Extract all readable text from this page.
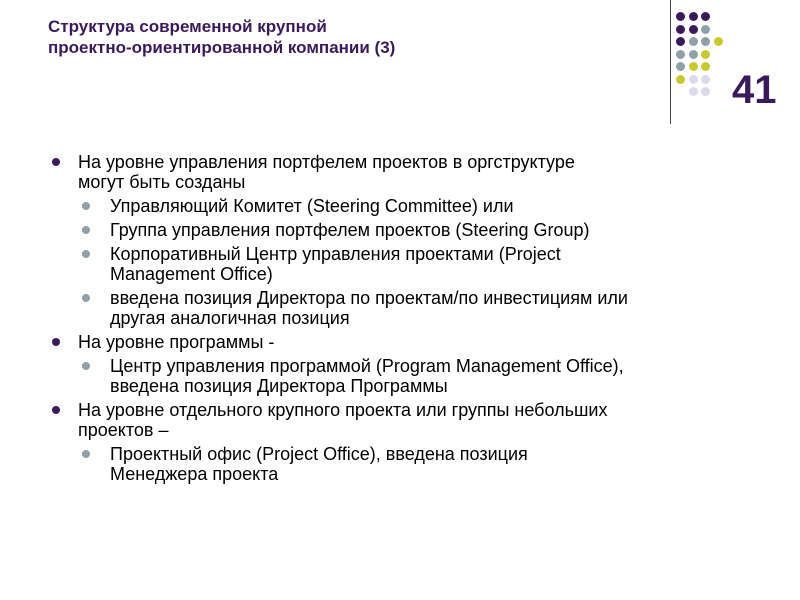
Структура современной крупной
проектно-ориентированной компании (3)
41
На уровне управления портфелем проектов в оргструктуре
могут быть созданы
Управляющий Комитет (Steering Committee) или
Группа управления портфелем проектов (Steering Group)
Корпоративный Центр управления проектами (Project
Management Office)
введена позиция Директора по проектам/по инвестициям или
другая аналогичная позиция
На уровне программы -
Центр управления программой (Program Management Office),
введена позиция Директора Программы
На уровне отдельного крупного проекта или группы небольших
проектов –
Проектный офис (Project Office), введена позиция
Менеджера проекта
